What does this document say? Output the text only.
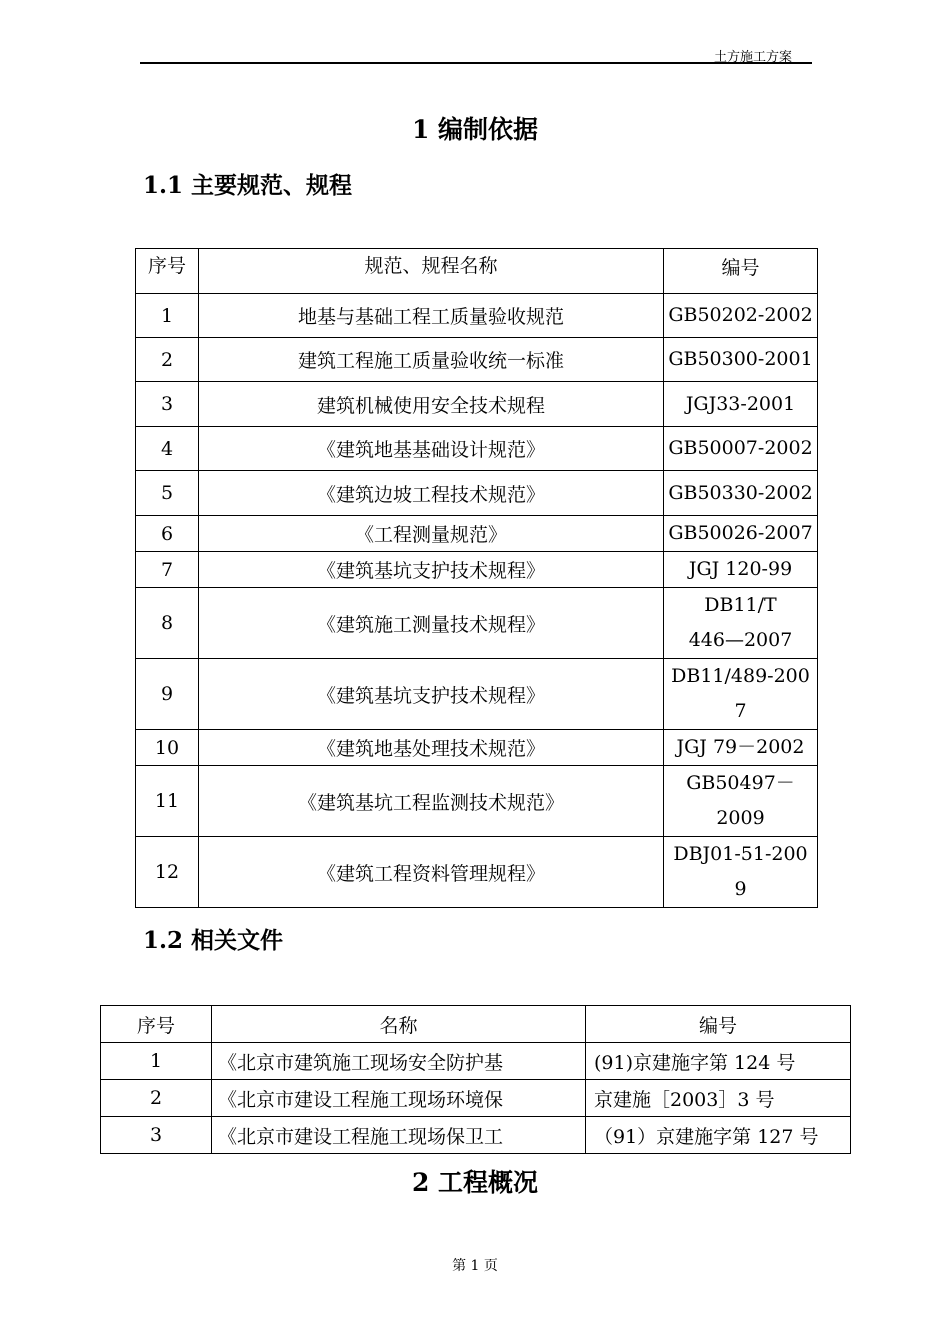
土方施工方案
1 编制依据
1.1 主要规范、规程
序号	规范、规程名称	编号
1	地基与基础工程工质量验收规范	GB50202-2002
2	建筑工程施工质量验收统一标准	GB50300-2001
3	建筑机械使用安全技术规程	JGJ33-2001
4	《建筑地基基础设计规范》	GB50007-2002
5	《建筑边坡工程技术规范》	GB50330-2002
6	《工程测量规范》	GB50026-2007
7	《建筑基坑支护技术规程》	JGJ 120-99
8	《建筑施工测量技术规程》	DB11/T
446—2007
9	《建筑基坑支护技术规程》	DB11/489-200
7
10	《建筑地基处理技术规范》	JGJ 79－2002
11	《建筑基坑工程监测技术规范》	GB50497－
2009
12	《建筑工程资料管理规程》	DBJ01-51-200
9
1.2 相关文件
序号	名称	编号
1	《北京市建筑施工现场安全防护基	(91)京建施字第 124 号
2	《北京市建设工程施工现场环境保	京建施［2003］3 号
3	《北京市建设工程施工现场保卫工	（91）京建施字第 127 号
2 工程概况
第 1 页
